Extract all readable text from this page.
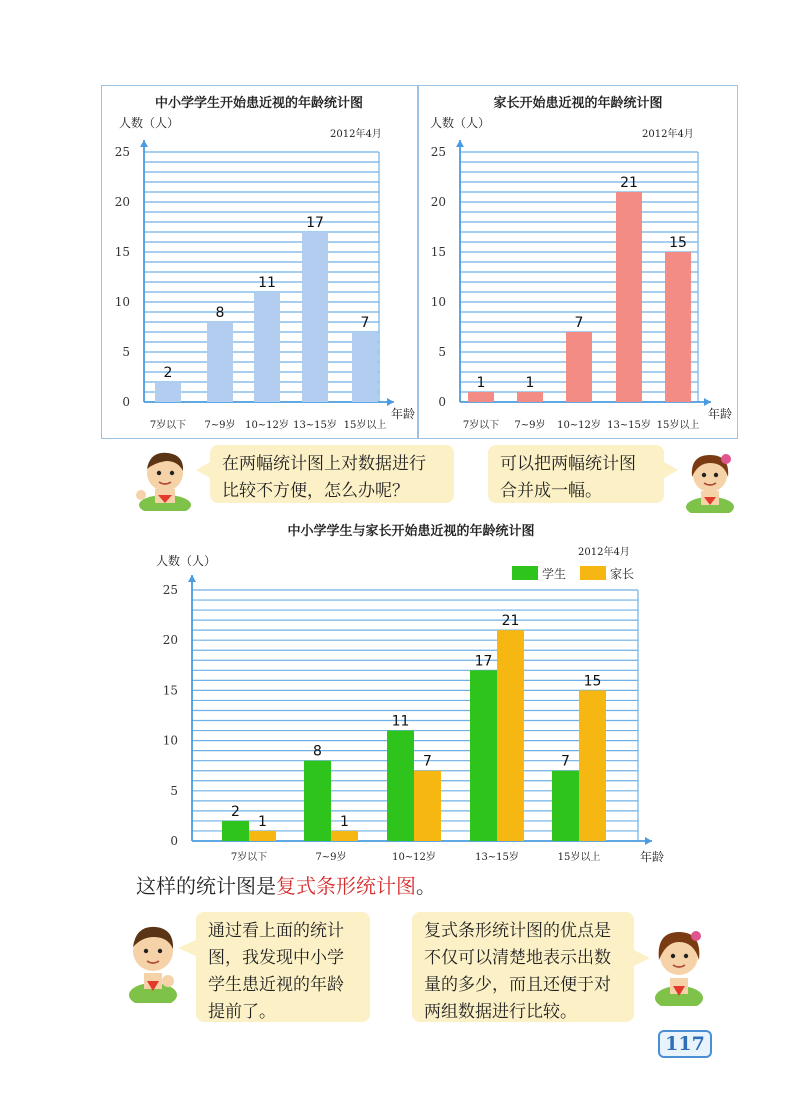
中小学学生开始患近视的年龄统计图
人数（人）
2012年4月
0
5
10
15
20
25
年龄
2
7岁以下
8
7~9岁
11
10~12岁
17
13~15岁
7
15岁以上
家长开始患近视的年龄统计图
人数（人）
2012年4月
0
5
10
15
20
25
年龄
1
7岁以下
1
7~9岁
7
10~12岁
21
13~15岁
15
15岁以上
在两幅统计图上对数据进行
比较不方便，怎么办呢？
可以把两幅统计图
合并成一幅。
中小学学生与家长开始患近视的年龄统计图
人数（人）
2012年4月
0
5
10
15
20
25
年龄
2
1
7岁以下
8
1
7~9岁
11
7
10~12岁
17
21
13~15岁
7
15
15岁以上
学生	家长
这样的统计图是复式条形统计图。
通过看上面的统计
图，我发现中小学
学生患近视的年龄
提前了。
复式条形统计图的优点是
不仅可以清楚地表示出数
量的多少，而且还便于对
两组数据进行比较。
117
